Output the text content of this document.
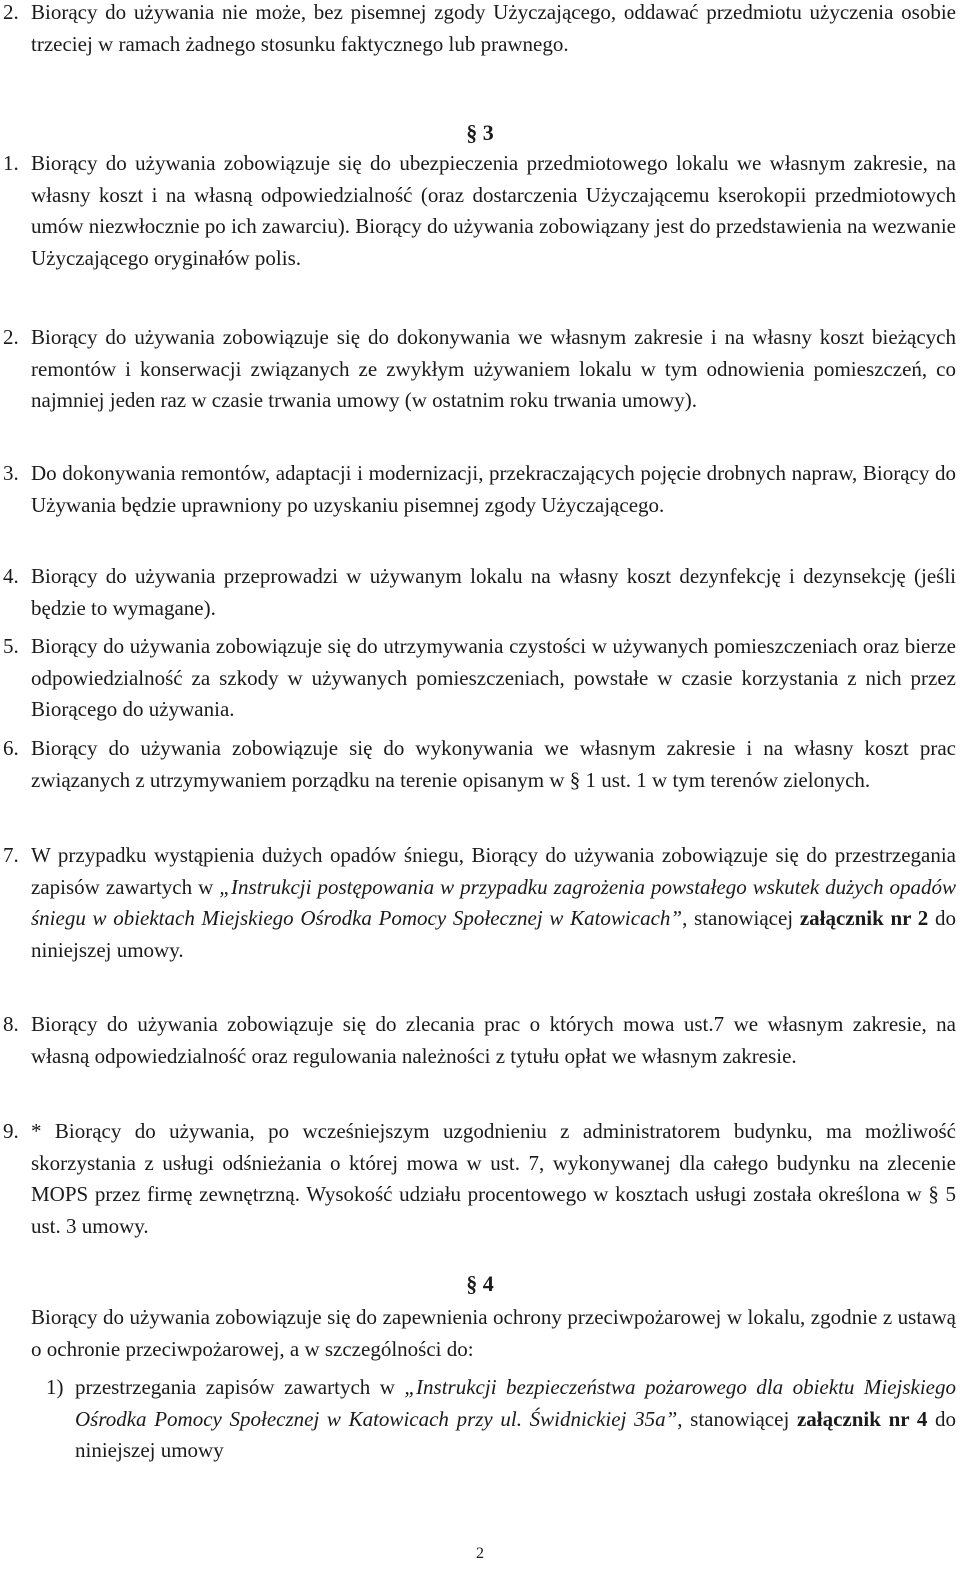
2. Biorący do używania nie może, bez pisemnej zgody Użyczającego, oddawać przedmiotu użyczenia osobie trzeciej w ramach żadnego stosunku faktycznego lub prawnego.
§ 3
1. Biorący do używania zobowiązuje się do ubezpieczenia przedmiotowego lokalu we własnym zakresie, na własny koszt i na własną odpowiedzialność (oraz dostarczenia Użyczającemu kserokopii przedmiotowych umów niezwłocznie po ich zawarciu). Biorący do używania zobowiązany jest do przedstawienia na wezwanie Użyczającego oryginałów polis.
2. Biorący do używania zobowiązuje się do dokonywania we własnym zakresie i na własny koszt bieżących remontów i konserwacji związanych ze zwykłym używaniem lokalu w tym odnowienia pomieszczeń, co najmniej jeden raz w czasie trwania umowy (w ostatnim roku trwania umowy).
3. Do dokonywania remontów, adaptacji i modernizacji, przekraczających pojęcie drobnych napraw, Biorący do Używania będzie uprawniony po uzyskaniu pisemnej zgody Użyczającego.
4. Biorący do używania przeprowadzi w używanym lokalu na własny koszt dezynfekcję i dezynsekcję (jeśli będzie to wymagane).
5. Biorący do używania zobowiązuje się do utrzymywania czystości w używanych pomieszczeniach oraz bierze odpowiedzialność za szkody w używanych pomieszczeniach, powstałe w czasie korzystania z nich przez Biorącego do używania.
6. Biorący do używania zobowiązuje się do wykonywania we własnym zakresie i na własny koszt prac związanych z utrzymywaniem porządku na terenie opisanym w § 1 ust. 1 w tym terenów zielonych.
7. W przypadku wystąpienia dużych opadów śniegu, Biorący do używania zobowiązuje się do przestrzegania zapisów zawartych w „Instrukcji postępowania w przypadku zagrożenia powstałego wskutek dużych opadów śniegu w obiektach Miejskiego Ośrodka Pomocy Społecznej w Katowicach”, stanowiącej załącznik nr 2 do niniejszej umowy.
8. Biorący do używania zobowiązuje się do zlecania prac o których mowa ust.7 we własnym zakresie, na własną odpowiedzialność oraz regulowania należności z tytułu opłat we własnym zakresie.
9. * Biorący do używania, po wcześniejszym uzgodnieniu z administratorem budynku, ma możliwość skorzystania z usługi odśnieżania o której mowa w ust. 7, wykonywanej dla całego budynku na zlecenie MOPS przez firmę zewnętrzną. Wysokość udziału procentowego w kosztach usługi została określona w § 5 ust. 3 umowy.
§ 4
Biorący do używania zobowiązuje się do zapewnienia ochrony przeciwpożarowej w lokalu, zgodnie z ustawą o ochronie przeciwpożarowej, a w szczególności do:
1) przestrzegania zapisów zawartych w „Instrukcji bezpieczeństwa pożarowego dla obiektu Miejskiego Ośrodka Pomocy Społecznej w Katowicach przy ul. Świdnickiej 35a”, stanowiącej załącznik nr 4 do niniejszej umowy
2
